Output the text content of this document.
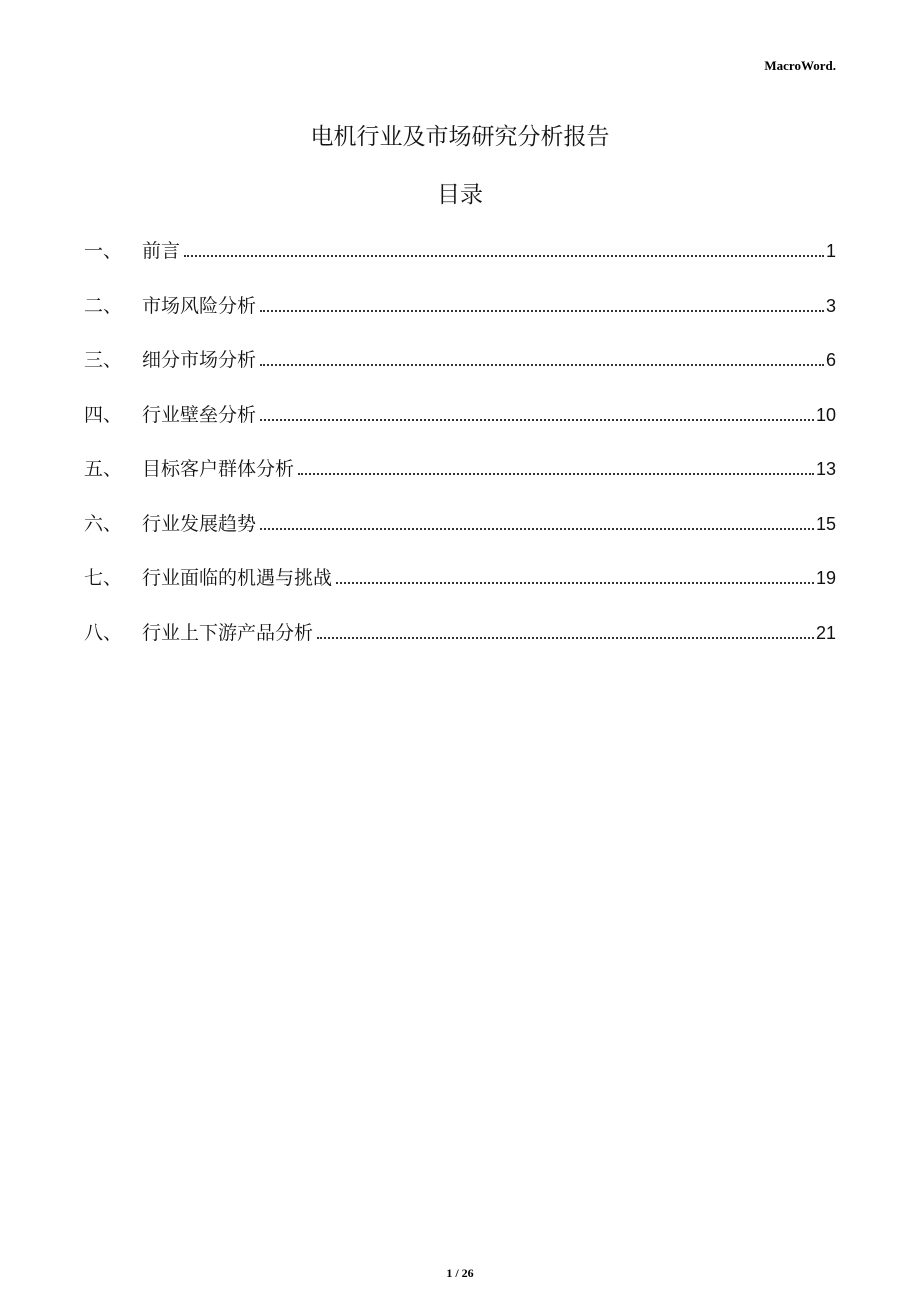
MacroWord.
电机行业及市场研究分析报告
目录
一、	前言	1
二、	市场风险分析	3
三、	细分市场分析	6
四、	行业壁垒分析	10
五、	目标客户群体分析	13
六、	行业发展趋势	15
七、	行业面临的机遇与挑战	19
八、	行业上下游产品分析	21
1 / 26
